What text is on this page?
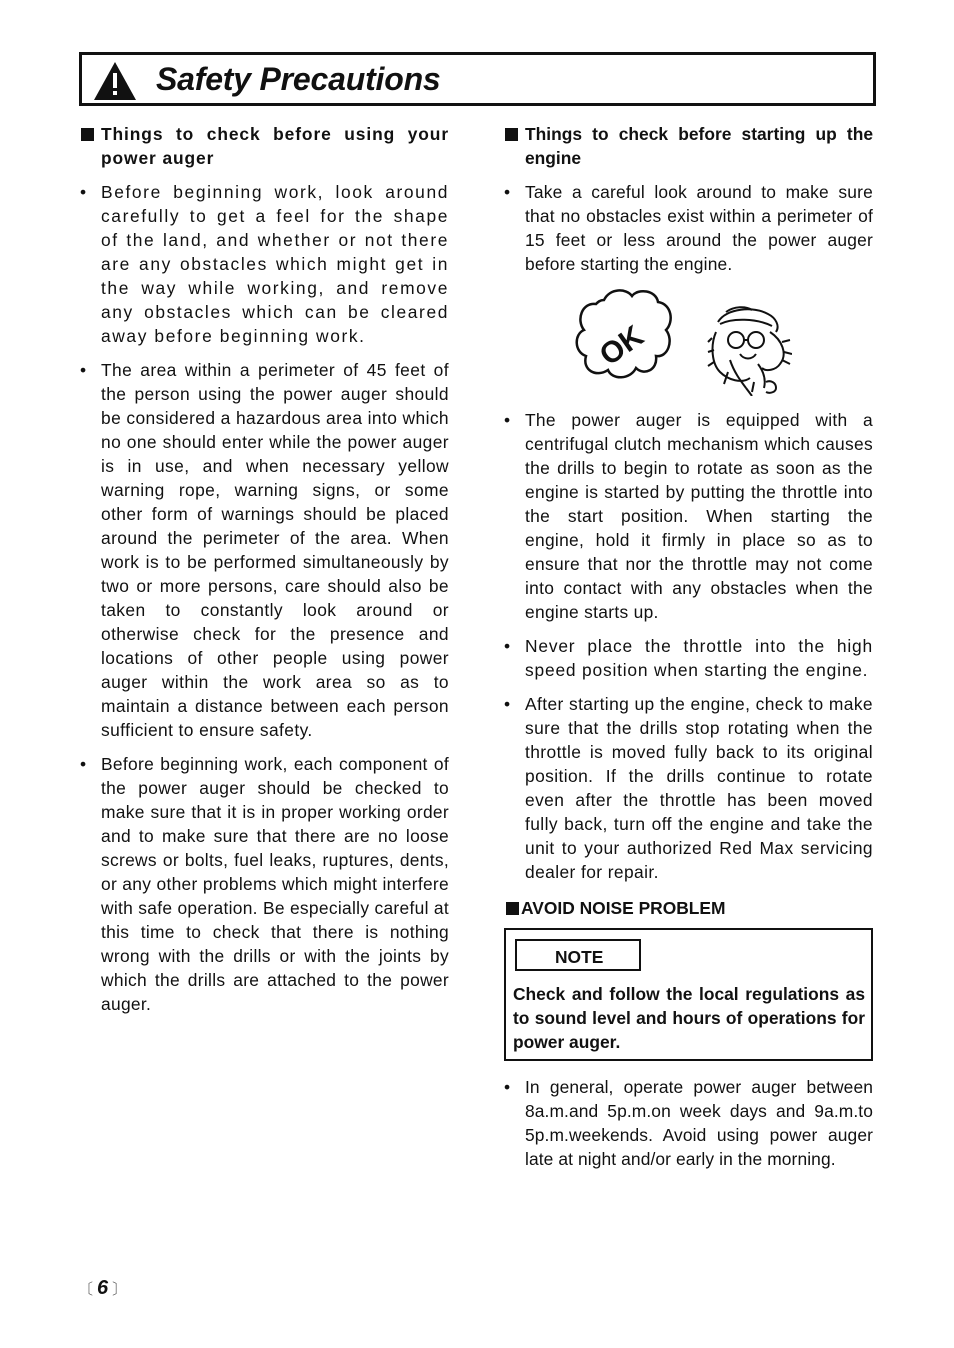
Safety Precautions
Things to check before using your power auger
• Before beginning work, look around carefully to get a feel for the shape of the land, and whether or not there are any obstacles which might get in the way while working, and remove any obstacles which can be cleared away before beginning work.
• The area within a perimeter of 45 feet of the person using the power auger should be considered a hazardous area into which no one should enter while the power auger is in use, and when necessary yellow warning rope, warning signs, or some other form of warnings should be placed around the perimeter of the area. When work is to be performed simultaneously by two or more persons, care should also be taken to constantly look around or otherwise check for the presence and locations of other people using power auger within the work area so as to maintain a distance between each person sufficient to ensure safety.
• Before beginning work, each component of the power auger should be checked to make sure that it is in proper working order and to make sure that there are no loose screws or bolts, fuel leaks, ruptures, dents, or any other problems which might interfere with safe operation. Be especially careful at this time to check that there is nothing wrong with the drills or with the joints by which the drills are attached to the power auger.
Things to check before starting up the engine
• Take a careful look around to make sure that no obstacles exist within a perimeter of 15 feet or less around the power auger before starting the engine.
OK
• The power auger is equipped with a centrifugal clutch mechanism which causes the drills to begin to rotate as soon as the engine is started by putting the throttle into the start position. When starting the engine, hold it firmly in place so as to ensure that nor the throttle may not come into contact with any obstacles when the engine starts up.
• Never place the throttle into the high speed position when starting the engine.
• After starting up the engine, check to make sure that the drills stop rotating when the throttle is moved fully back to its original position. If the drills continue to rotate even after the throttle has been moved fully back, turn off the engine and take the unit to your authorized Red Max servicing dealer for repair.
AVOID NOISE PROBLEM
NOTE
Check and follow the local regulations as to sound level and hours of operations for power auger.
• In general, operate power auger between 8a.m.and 5p.m.on week days and 9a.m.to 5p.m.weekends. Avoid using power auger late at night and/or early in the morning.
〔 6 〕
